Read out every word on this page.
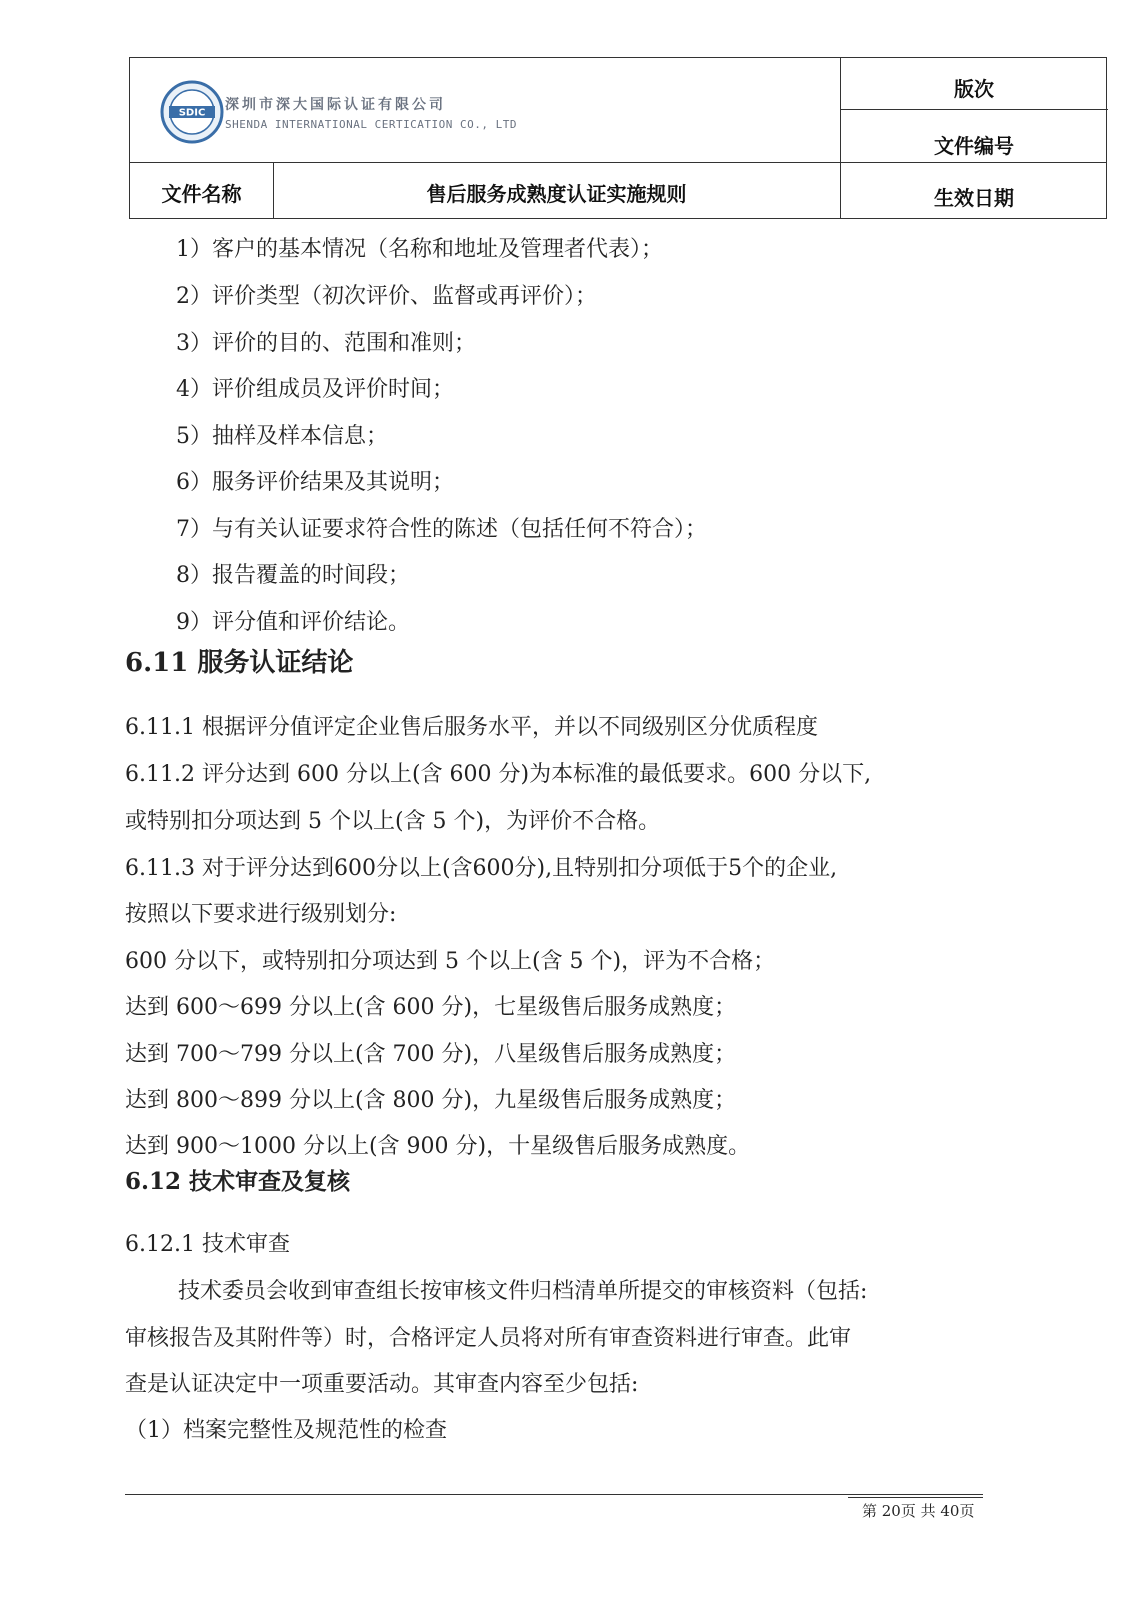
SDIC 深圳市深大国际认证有限公司
SHENDA INTERNATIONAL CERTICATION CO., LTD
版次
文件编号
文件名称	售后服务成熟度认证实施规则	生效日期
1）客户的基本情况（名称和地址及管理者代表）；
2）评价类型（初次评价、监督或再评价）；
3）评价的目的、范围和准则；
4）评价组成员及评价时间；
5）抽样及样本信息；
6）服务评价结果及其说明；
7）与有关认证要求符合性的陈述（包括任何不符合）；
8）报告覆盖的时间段；
9）评分值和评价结论。
6.11 服务认证结论
6.11.1 根据评分值评定企业售后服务水平，并以不同级别区分优质程度
6.11.2 评分达到 600 分以上(含 600 分)为本标准的最低要求。600 分以下,
或特别扣分项达到 5 个以上(含 5 个)，为评价不合格。
6.11.3 对于评分达到600分以上(含600分),且特别扣分项低于5个的企业,
按照以下要求进行级别划分:
600 分以下，或特别扣分项达到 5 个以上(含 5 个)，评为不合格；
达到 600～699 分以上(含 600 分)，七星级售后服务成熟度；
达到 700～799 分以上(含 700 分)，八星级售后服务成熟度；
达到 800～899 分以上(含 800 分)，九星级售后服务成熟度；
达到 900～1000 分以上(含 900 分)，十星级售后服务成熟度。
6.12 技术审查及复核
6.12.1 技术审查
技术委员会收到审查组长按审核文件归档清单所提交的审核资料（包括:
审核报告及其附件等）时，合格评定人员将对所有审查资料进行审查。此审
查是认证决定中一项重要活动。其审查内容至少包括:
（1）档案完整性及规范性的检查
第 20页 共 40页
